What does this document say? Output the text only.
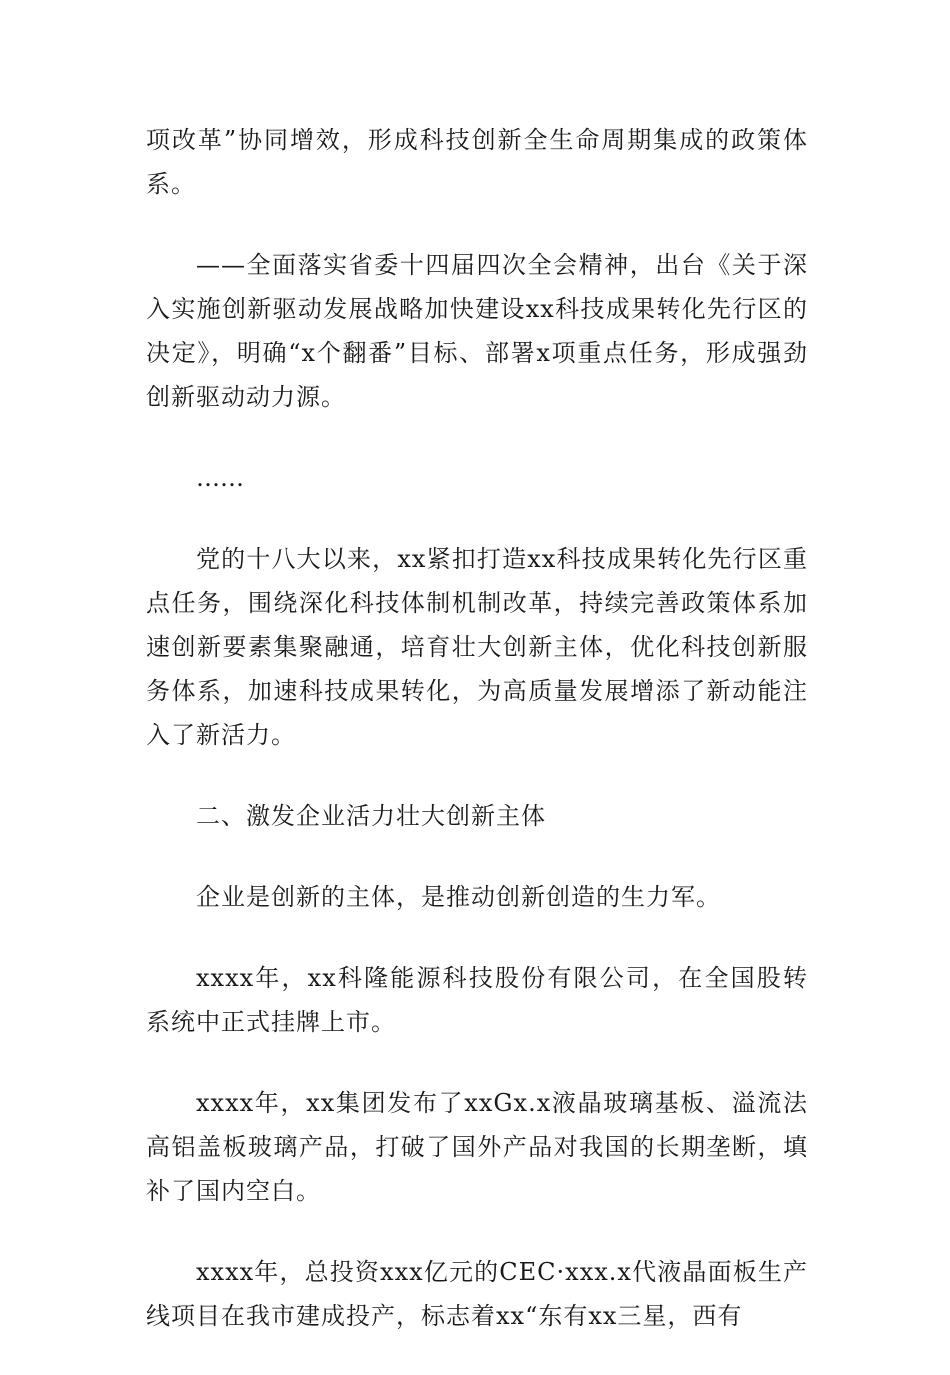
项改革”协同增效，形成科技创新全生命周期集成的政策体系。

——全面落实省委十四届四次全会精神，出台《关于深入实施创新驱动发展战略加快建设xx科技成果转化先行区的决定》，明确“x个翻番”目标、部署x项重点任务，形成强劲创新驱动动力源。

……

党的十八大以来，xx紧扣打造xx科技成果转化先行区重点任务，围绕深化科技体制机制改革，持续完善政策体系加速创新要素集聚融通，培育壮大创新主体，优化科技创新服务体系，加速科技成果转化，为高质量发展增添了新动能注入了新活力。

二、激发企业活力壮大创新主体

企业是创新的主体，是推动创新创造的生力军。

xxxx年，xx科隆能源科技股份有限公司，在全国股转系统中正式挂牌上市。

xxxx年，xx集团发布了xxGx.x液晶玻璃基板、溢流法高铝盖板玻璃产品，打破了国外产品对我国的长期垄断，填补了国内空白。

xxxx年，总投资xxx亿元的CEC·xxx.x代液晶面板生产线项目在我市建成投产，标志着xx“东有xx三星，西有
